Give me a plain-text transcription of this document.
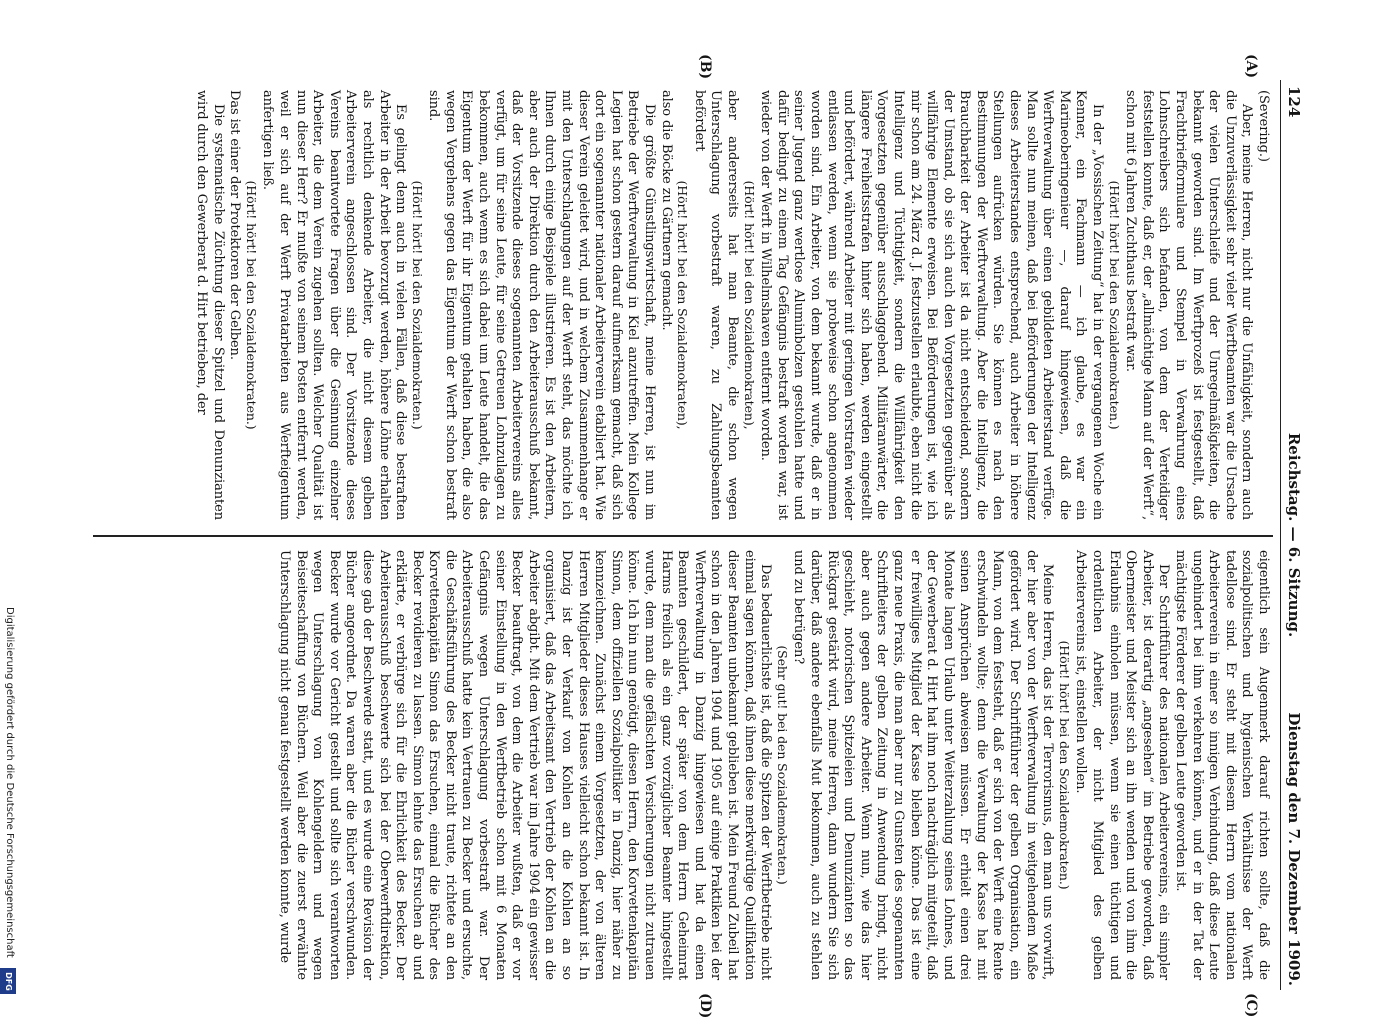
124
Reichstag. — 6. Sitzung.
Dienstag den 7. Dezember 1909.
(A)
(B)
(C)
(D)

(Severing.)

Aber, meine Herren, nicht nur die Unfähigkeit, sondern auch die Unzuverlässigkeit sehr vieler Werftbeamten war die Ursache der vielen Unterschleife und der Unregelmäßigkeiten, die bekannt geworden sind. Im Werftprozeß ist festgestellt, daß Frachtbriefformulare und Stempel in Verwahrung eines Lohnschreibers sich befanden, von dem der Verteidiger feststellen konnte, daß er, der „allmächtige Mann auf der Werft“, schon mit 6 Jahren Zuchthaus bestraft war.

(Hört! hört! bei den Sozialdemokraten.)

In der „Vossischen Zeitung“ hat in der vergangenen Woche ein Kenner, ein Fachmann — ich glaube, es war ein Marineoberingenieur —, darauf hingewiesen, daß die Werftverwaltung über einen gebildeten Arbeiterstand verfüge. Man sollte nun meinen, daß bei Beförderungen der Intelligenz dieses Arbeiterstandes entsprechend, auch Arbeiter in höhere Stellungen aufrücken würden. Sie können es nach den Bestimmungen der Werftverwaltung. Aber die Intelligenz, die Brauchbarkeit der Arbeiter ist da nicht entscheidend, sondern der Umstand, ob sie sich auch den Vorgesetzten gegenüber als willfährige Elemente erweisen. Bei Beförderungen ist, wie ich mir schon am 24. März d. J. festzustellen erlaubte, eben nicht die Intelligenz und Tüchtigkeit, sondern die Willfährigkeit den Vorgesetzten gegenüber ausschlaggebend. Militäranwärter, die längere Freiheitsstrafen hinter sich haben, werden eingestellt und befördert, während Arbeiter mit geringen Vorstrafen wieder entlassen werden, wenn sie probeweise schon angenommen worden sind. Ein Arbeiter, von dem bekannt wurde, daß er in seiner Jugend ganz wertlose Aluminbolzen gestohlen hatte und dafür bedingt zu einem Tag Gefängnis bestraft worden war, ist wieder von der Werft in Wilhelmshaven entfernt worden.

(Hört! hört! bei den Sozialdemokraten),

aber andererseits hat man Beamte, die schon wegen Unterschlagung vorbestraft waren, zu Zahlungsbeamten befördert

(Hört! hört! bei den Sozialdemokraten),

also die Böcke zu Gärtnern gemacht.

Die größte Günstlingswirtschaft, meine Herren, ist nun im Betriebe der Werftverwaltung in Kiel anzutreffen. Mein Kollege Legien hat schon gestern darauf aufmerksam gemacht, daß sich dort ein sogenannter nationaler Arbeiterverein etabliert hat. Wie dieser Verein geleitet wird, und in welchem Zusammenhange er mit den Unterschlagungen auf der Werft steht, das möchte ich Ihnen durch einige Beispiele illustrieren. Es ist den Arbeitern, aber auch der Direktion durch den Arbeiterausschuß bekannt, daß der Vorsitzende dieses sogenannten Arbeitervereins alles verfügt, um für seine Leute, für seine Getreuen Lohnzulagen zu bekommen, auch wenn es sich dabei um Leute handelt, die das Eigentum der Werft für ihr Eigentum gehalten haben, die also wegen Vergehens gegen das Eigentum der Werft schon bestraft sind.

(Hört! hört! bei den Sozialdemokraten.)

Es gelingt denn auch in vielen Fällen, daß diese bestraften Arbeiter in der Arbeit bevorzugt werden, höhere Löhne erhalten als rechtlich denkende Arbeiter, die nicht diesem gelben Arbeiterverein angeschlossen sind. Der Vorsitzende dieses Vereins beantwortete Fragen über die Gesinnung einzelner Arbeiter, die dem Verein zugehen sollten. Welcher Qualität ist nun dieser Herr? Er mußte von seinem Posten entfernt werden, weil er sich auf der Werft Privatarbeiten aus Werfteigentum anfertigen ließ.

(Hört! hört! bei den Sozialdemokraten.)

Das ist einer der Protektoren der Gelben.

Die systematische Züchtung dieser Spitzel und Denunzianten wird durch den Gewerberat d. Hirt betrieben, der

eigentlich sein Augenmerk darauf richten sollte, daß die sozialpolitischen und hygienischen Verhältnisse der Werft tadellose sind. Er steht mit diesem Herrn vom nationalen Arbeiterverein in einer so innigen Verbindung, daß diese Leute ungehindert bei ihm verkehren können, und er in der Tat der mächtigste Förderer der gelben Leute geworden ist.

Der Schriftführer des nationalen Arbeitervereins, ein simpler Arbeiter, ist derartig „angesehen“ im Betriebe geworden, daß Obermeister und Meister sich an ihn wenden und von ihm die Erlaubnis einholen müssen, wenn sie einen tüchtigen und ordentlichen Arbeiter, der nicht Mitglied des gelben Arbeitervereins ist, einstellen wollen.

(Hört! hört! bei den Sozialdemokraten.)

Meine Herren, das ist der Terrorismus, den man uns vorwirft, der hier aber von der Werftverwaltung in weitgehendem Maße gefördert wird. Der Schriftführer der gelben Organisation, ein Mann, von dem feststeht, daß er sich von der Werft eine Rente erschwindeln wollte; denn die Verwaltung der Kasse hat mit seinen Ansprüchen abweisen müssen. Er erhielt einen drei Monate langen Urlaub unter Weiterzahlung seines Lohnes, und der Gewerberat d. Hirt hat ihm noch nachträglich mitgeteilt, daß er freiwilliges Mitglied der Kasse bleiben könne. Das ist eine ganz neue Praxis, die man aber nur zu Gunsten des sogenannten Schriftleiters der gelben Zeitung in Anwendung bringt, nicht aber auch gegen andere Arbeiter. Wenn nun, wie das hier geschieht, notorischen Spitzeleien und Denunzianten so das Rückgrat gestärkt wird, meine Herren, dann wundern Sie sich darüber, daß andere ebenfalls Mut bekommen, auch zu stehlen und zu betrügen?

(Sehr gut! bei den Sozialdemokraten.)

Das bedauerlichste ist, daß die Spitzen der Werftbetriebe nicht einmal sagen können, daß ihnen diese merkwürdige Qualifikation dieser Beamten unbekannt geblieben ist. Mein Freund Zubeil hat schon in den Jahren 1904 und 1905 auf einige Praktiken bei der Werftverwaltung in Danzig hingewiesen und hat da einen Beamten geschildert, der später von dem Herrn Geheimrat Harms freilich als ein ganz vorzüglicher Beamter hingestellt wurde, dem man die gefälschten Versicherungen nicht zutrauen könne. Ich bin nun genötigt, diesen Herrn, den Korvettenkapitän Simon, dem offiziellen Sozialpolitiker in Danzig, hier näher zu kennzeichnen. Zunächst einem Vorgesetzten, der von älteren Herren Mitglieder dieses Hauses vielleicht schon bekannt ist. In Danzig ist der Verkauf von Kohlen an die Kohlen an so organisiert, daß das Arbeitsamt den Vertrieb der Kohlen an die Arbeiter abgibt. Mit dem Vertrieb war im Jahre 1904 ein gewisser Becker beauftragt, von dem die Arbeiter wußten, daß er vor seiner Einstellung in den Werftbetrieb schon mit 6 Monaten Gefängnis wegen Unterschlagung vorbestraft war. Der Arbeiterausschuß hatte kein Vertrauen zu Becker und ersuchte, die Geschäftsführung des Becker nicht traute, richtete an den Korvettenkapitän Simon das Ersuchen, einmal die Bücher des Becker revidieren zu lassen. Simon lehnte das Ersuchen ab und erklärte, er verbürge sich für die Ehrlichkeit des Becker. Der Arbeiterausschuß beschwerte sich bei der Oberwerftdirektion, diese gab der Beschwerde statt, und es wurde eine Revision der Bücher angeordnet. Da waren aber die Bücher verschwunden. Becker wurde vor Gericht gestellt und sollte sich verantworten wegen Unterschlagung von Kohlengeldern und wegen Beiseiteschaffung von Büchern. Weil aber die zuerst erwähnte Unterschlagung nicht genau festgestellt werden konnte, wurde

Digitalisierung gefördert durch die Deutsche Forschungsgemeinschaft
DFG
